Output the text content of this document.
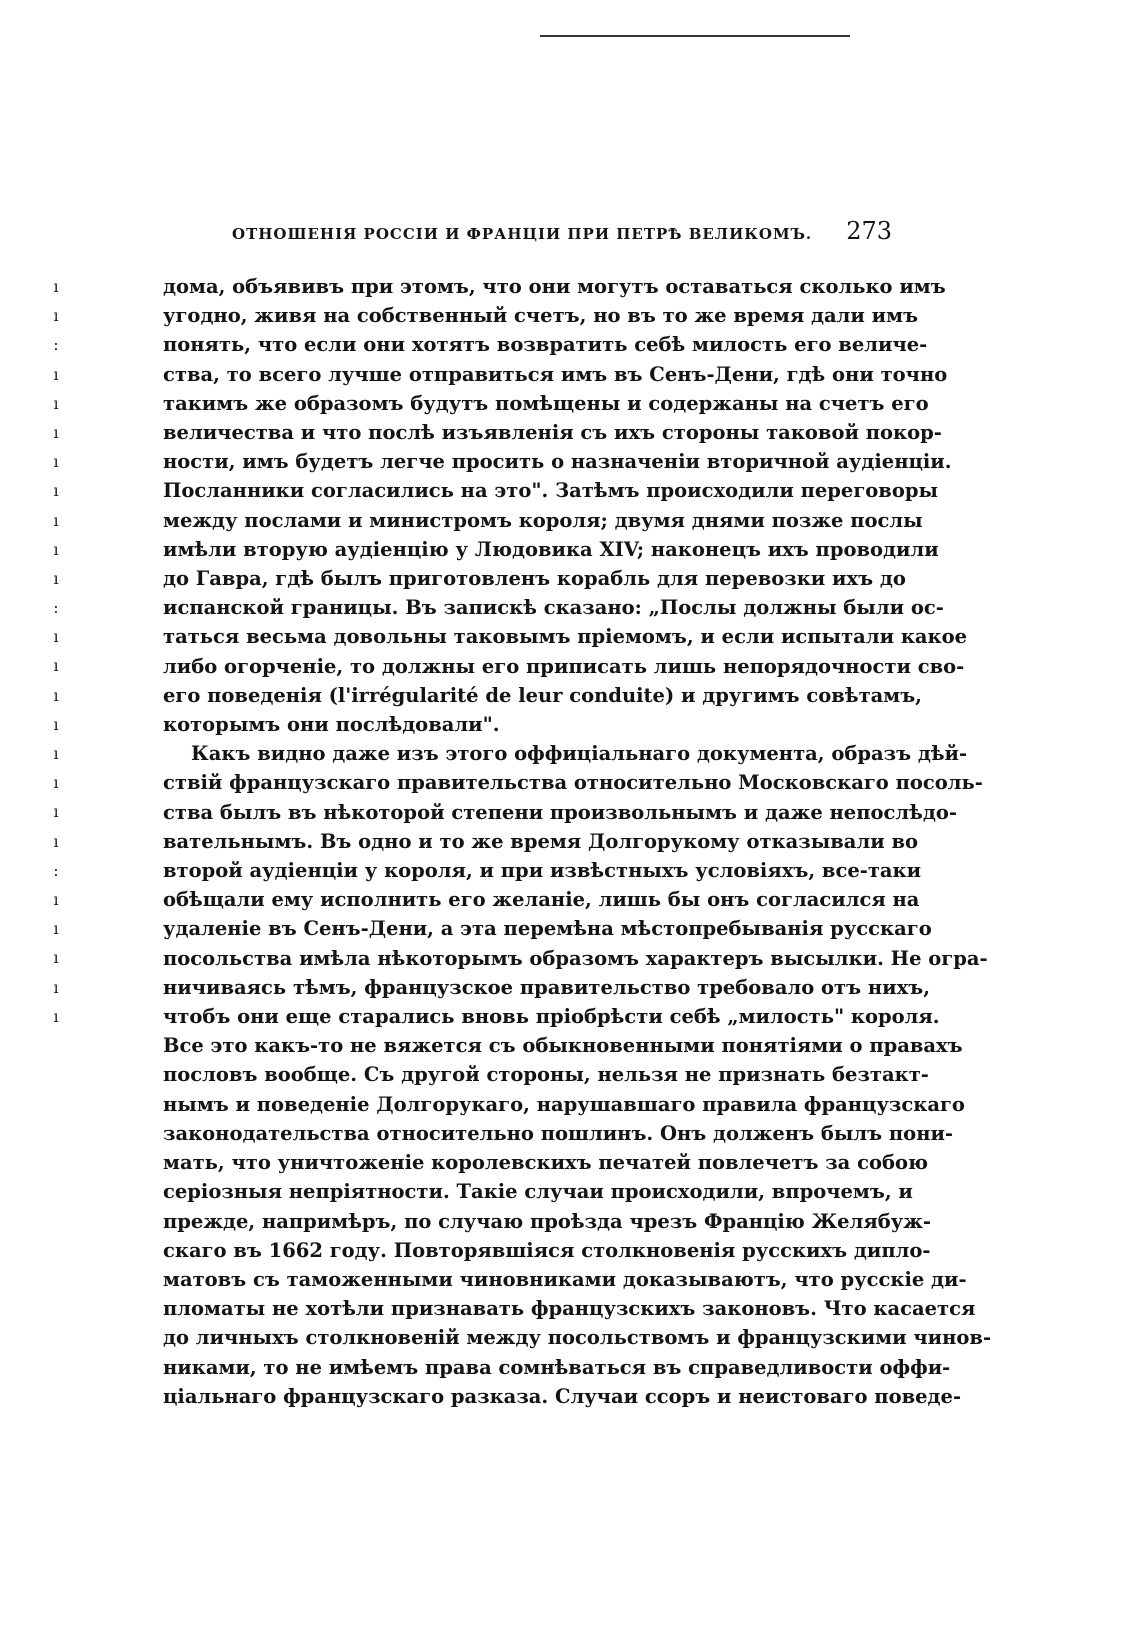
ОТНОШЕНІЯ РОССІИ И ФРАНЦІИ ПРИ ПЕТРѢ ВЕЛИКОМЪ. 273
ı
ı
:
ı
ı
ı
ı
ı
ı
ı
ı
:
ı
ı
ı
ı
ı
ı
ı
ı
:
ı
ı
ı
ı
ı
дома, объявивъ при этомъ, что они могутъ оставаться сколько имъ
угодно, живя на собственный счетъ, но въ то же время дали имъ
понять, что если они хотятъ возвратить себѣ милость его величе-
ства, то всего лучше отправиться имъ въ Сенъ-Дени, гдѣ они точно
такимъ же образомъ будутъ помѣщены и содержаны на счетъ его
величества и что послѣ изъявленія съ ихъ стороны таковой покор-
ности, имъ будетъ легче просить о назначеніи вторичной аудіенціи.
Посланники согласились на это". Затѣмъ происходили переговоры
между послами и министромъ короля; двумя днями позже послы
имѣли вторую аудіенцію у Людовика XIV; наконецъ ихъ проводили
до Гавра, гдѣ былъ приготовленъ корабль для перевозки ихъ до
испанской границы. Въ запискѣ сказано: „Послы должны были ос-
таться весьма довольны таковымъ пріемомъ, и если испытали какое
либо огорченіе, то должны его приписать лишь непорядочности сво-
его поведенія (l'irrégularité de leur conduite) и другимъ совѣтамъ,
которымъ они послѣдовали".
Какъ видно даже изъ этого оффиціальнаго документа, образъ дѣй-
ствій французскаго правительства относительно Московскаго посоль-
ства былъ въ нѣкоторой степени произвольнымъ и даже непослѣдо-
вательнымъ. Въ одно и то же время Долгорукому отказывали во
второй аудіенціи у короля, и при извѣстныхъ условіяхъ, все-таки
обѣщали ему исполнить его желаніе, лишь бы онъ согласился на
удаленіе въ Сенъ-Дени, а эта перемѣна мѣстопребыванія русскаго
посольства имѣла нѣкоторымъ образомъ характеръ высылки. Не огра-
ничиваясь тѣмъ, французское правительство требовало отъ нихъ,
чтобъ они еще старались вновь пріобрѣсти себѣ „милость" короля.
Все это какъ-то не вяжется съ обыкновенными понятіями о правахъ
пословъ вообще. Съ другой стороны, нельзя не признать безтакт-
нымъ и поведеніе Долгорукаго, нарушавшаго правила французскаго
законодательства относительно пошлинъ. Онъ долженъ былъ пони-
мать, что уничтоженіе королевскихъ печатей повлечетъ за собою
серіозныя непріятности. Такіе случаи происходили, впрочемъ, и
прежде, напримѣръ, по случаю проѣзда чрезъ Францію Желябуж-
скаго въ 1662 году. Повторявшіяся столкновенія русскихъ дипло-
матовъ съ таможенными чиновниками доказываютъ, что русскіе ди-
пломаты не хотѣли признавать французскихъ законовъ. Что касается
до личныхъ столкновеній между посольствомъ и французскими чинов-
никами, то не имѣемъ права сомнѣваться въ справедливости оффи-
ціальнаго французскаго разказа. Случаи ссоръ и неистоваго поведе-
